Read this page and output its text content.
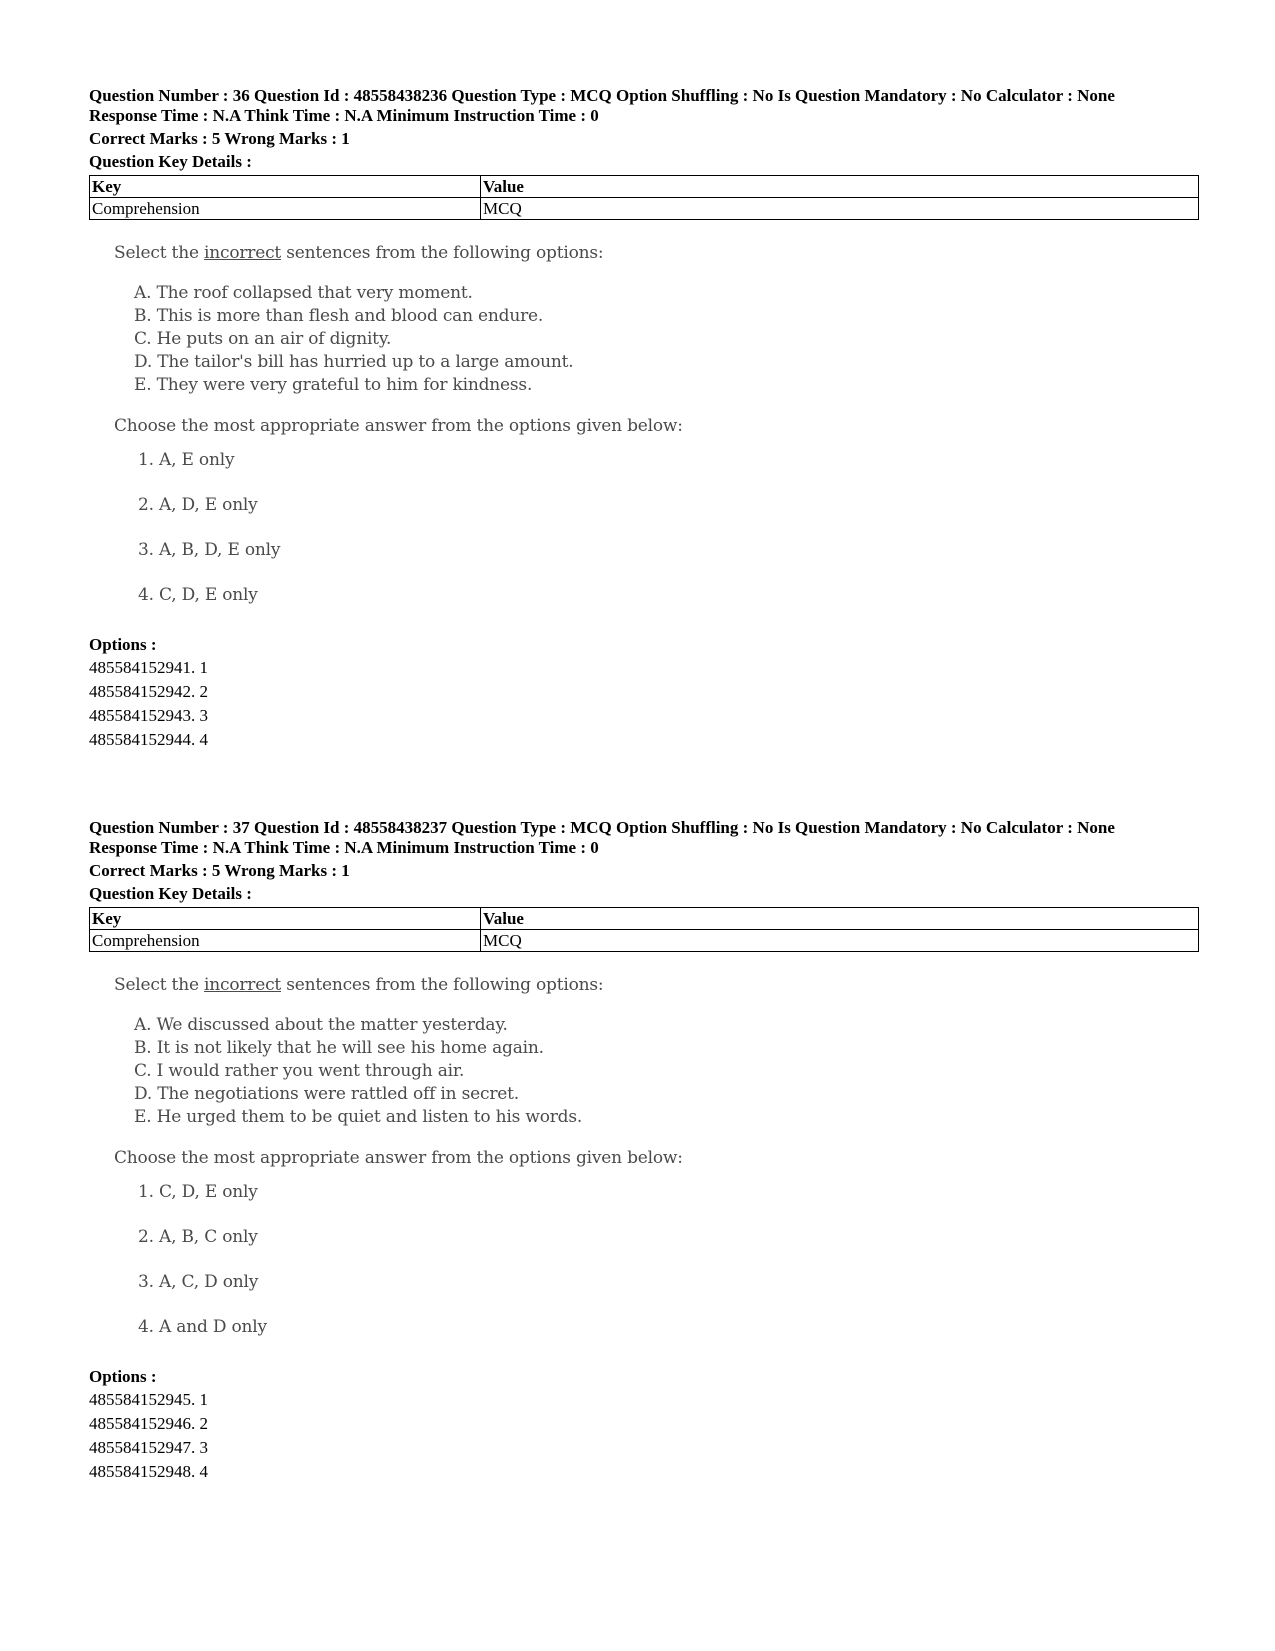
Question Number : 36 Question Id : 48558438236 Question Type : MCQ Option Shuffling : No Is Question Mandatory : No Calculator : None
Response Time : N.A Think Time : N.A Minimum Instruction Time : 0
Correct Marks : 5 Wrong Marks : 1
Question Key Details :
Key	Value
Comprehension	MCQ
Select the incorrect sentences from the following options:
A. The roof collapsed that very moment.
B. This is more than flesh and blood can endure.
C. He puts on an air of dignity.
D. The tailor's bill has hurried up to a large amount.
E. They were very grateful to him for kindness.
Choose the most appropriate answer from the options given below:
1. A, E only
2. A, D, E only
3. A, B, D, E only
4. C, D, E only
Options :
485584152941. 1
485584152942. 2
485584152943. 3
485584152944. 4
Question Number : 37 Question Id : 48558438237 Question Type : MCQ Option Shuffling : No Is Question Mandatory : No Calculator : None
Response Time : N.A Think Time : N.A Minimum Instruction Time : 0
Correct Marks : 5 Wrong Marks : 1
Question Key Details :
Key	Value
Comprehension	MCQ
Select the incorrect sentences from the following options:
A. We discussed about the matter yesterday.
B. It is not likely that he will see his home again.
C. I would rather you went through air.
D. The negotiations were rattled off in secret.
E. He urged them to be quiet and listen to his words.
Choose the most appropriate answer from the options given below:
1. C, D, E only
2. A, B, C only
3. A, C, D only
4. A and D only
Options :
485584152945. 1
485584152946. 2
485584152947. 3
485584152948. 4
